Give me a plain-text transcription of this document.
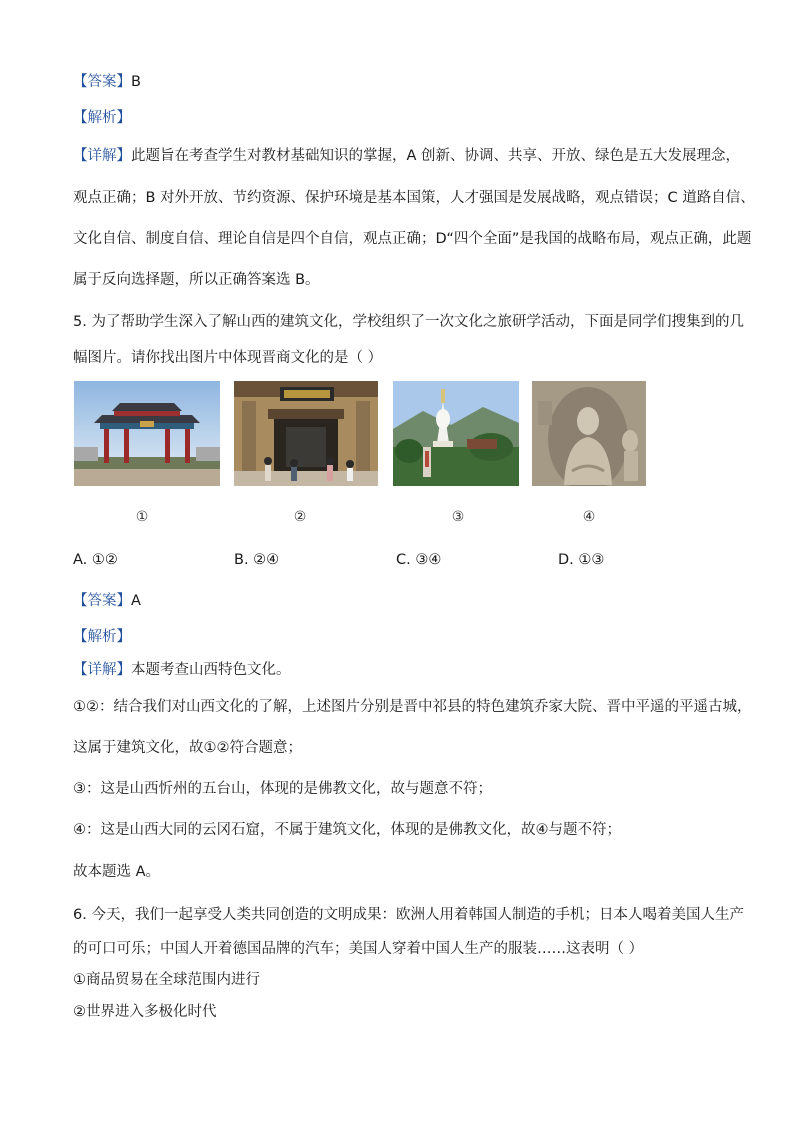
【答案】B
【解析】
【详解】此题旨在考查学生对教材基础知识的掌握，A 创新、协调、共享、开放、绿色是五大发展理念，
观点正确；B 对外开放、节约资源、保护环境是基本国策，人才强国是发展战略，观点错误；C 道路自信、
文化自信、制度自信、理论自信是四个自信，观点正确；D“四个全面”是我国的战略布局，观点正确，此题
属于反向选择题，所以正确答案选 B。
5. 为了帮助学生深入了解山西的建筑文化，学校组织了一次文化之旅研学活动，下面是同学们搜集到的几
幅图片。请你找出图片中体现晋商文化的是（ ）
①	②	③	④
A. ①②	B. ②④	C. ③④	D. ①③
【答案】A
【解析】
【详解】本题考查山西特色文化。
①②：结合我们对山西文化的了解，上述图片分别是晋中祁县的特色建筑乔家大院、晋中平遥的平遥古城，
这属于建筑文化，故①②符合题意；
③：这是山西忻州的五台山，体现的是佛教文化，故与题意不符；
④：这是山西大同的云冈石窟，不属于建筑文化，体现的是佛教文化，故④与题不符；
故本题选 A。
6. 今天，我们一起享受人类共同创造的文明成果：欧洲人用着韩国人制造的手机；日本人喝着美国人生产
的可口可乐；中国人开着德国品牌的汽车；美国人穿着中国人生产的服装……这表明（ ）
①商品贸易在全球范围内进行
②世界进入多极化时代
